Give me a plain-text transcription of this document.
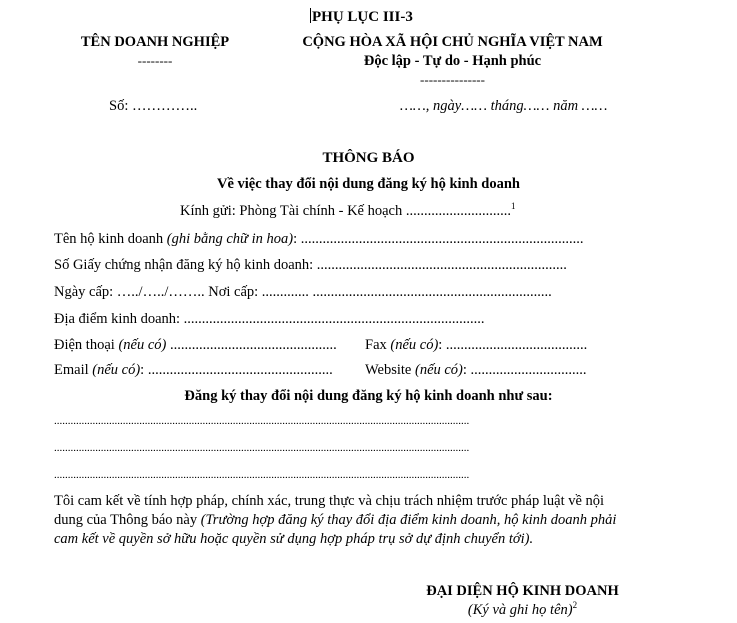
PHỤ LỤC III-3
TÊN DOANH NGHIỆP
--------
CỘNG HÒA XÃ HỘI CHỦ NGHĨA VIỆT NAM
Độc lập - Tự do - Hạnh phúc
---------------
Số: …………..	……, ngày…… tháng…… năm ……
THÔNG BÁO
Về việc thay đổi nội dung đăng ký hộ kinh doanh
Kính gửi: Phòng Tài chính - Kế hoạch .............................$^1$
Tên hộ kinh doanh (ghi bằng chữ in hoa): ..............................................................................
Số Giấy chứng nhận đăng ký hộ kinh doanh: .....................................................................
Ngày cấp: …../…../…….. Nơi cấp: ............. ..................................................................
Địa điểm kinh doanh: ...................................................................................
Điện thoại (nếu có) .............................................. Fax (nếu có): .......................................
Email (nếu có): ................................................... Website (nếu có): ................................
Đăng ký thay đổi nội dung đăng ký hộ kinh doanh như sau:
.......................................................................................................................................................
.......................................................................................................................................................
.......................................................................................................................................................
Tôi cam kết về tính hợp pháp, chính xác, trung thực và chịu trách nhiệm trước pháp luật về nội
dung của Thông báo này (Trường hợp đăng ký thay đổi địa điểm kinh doanh, hộ kinh doanh phải
cam kết về quyền sở hữu hoặc quyền sử dụng hợp pháp trụ sở dự định chuyển tới).
ĐẠI DIỆN HỘ KINH DOANH
(Ký và ghi họ tên)$^2$
